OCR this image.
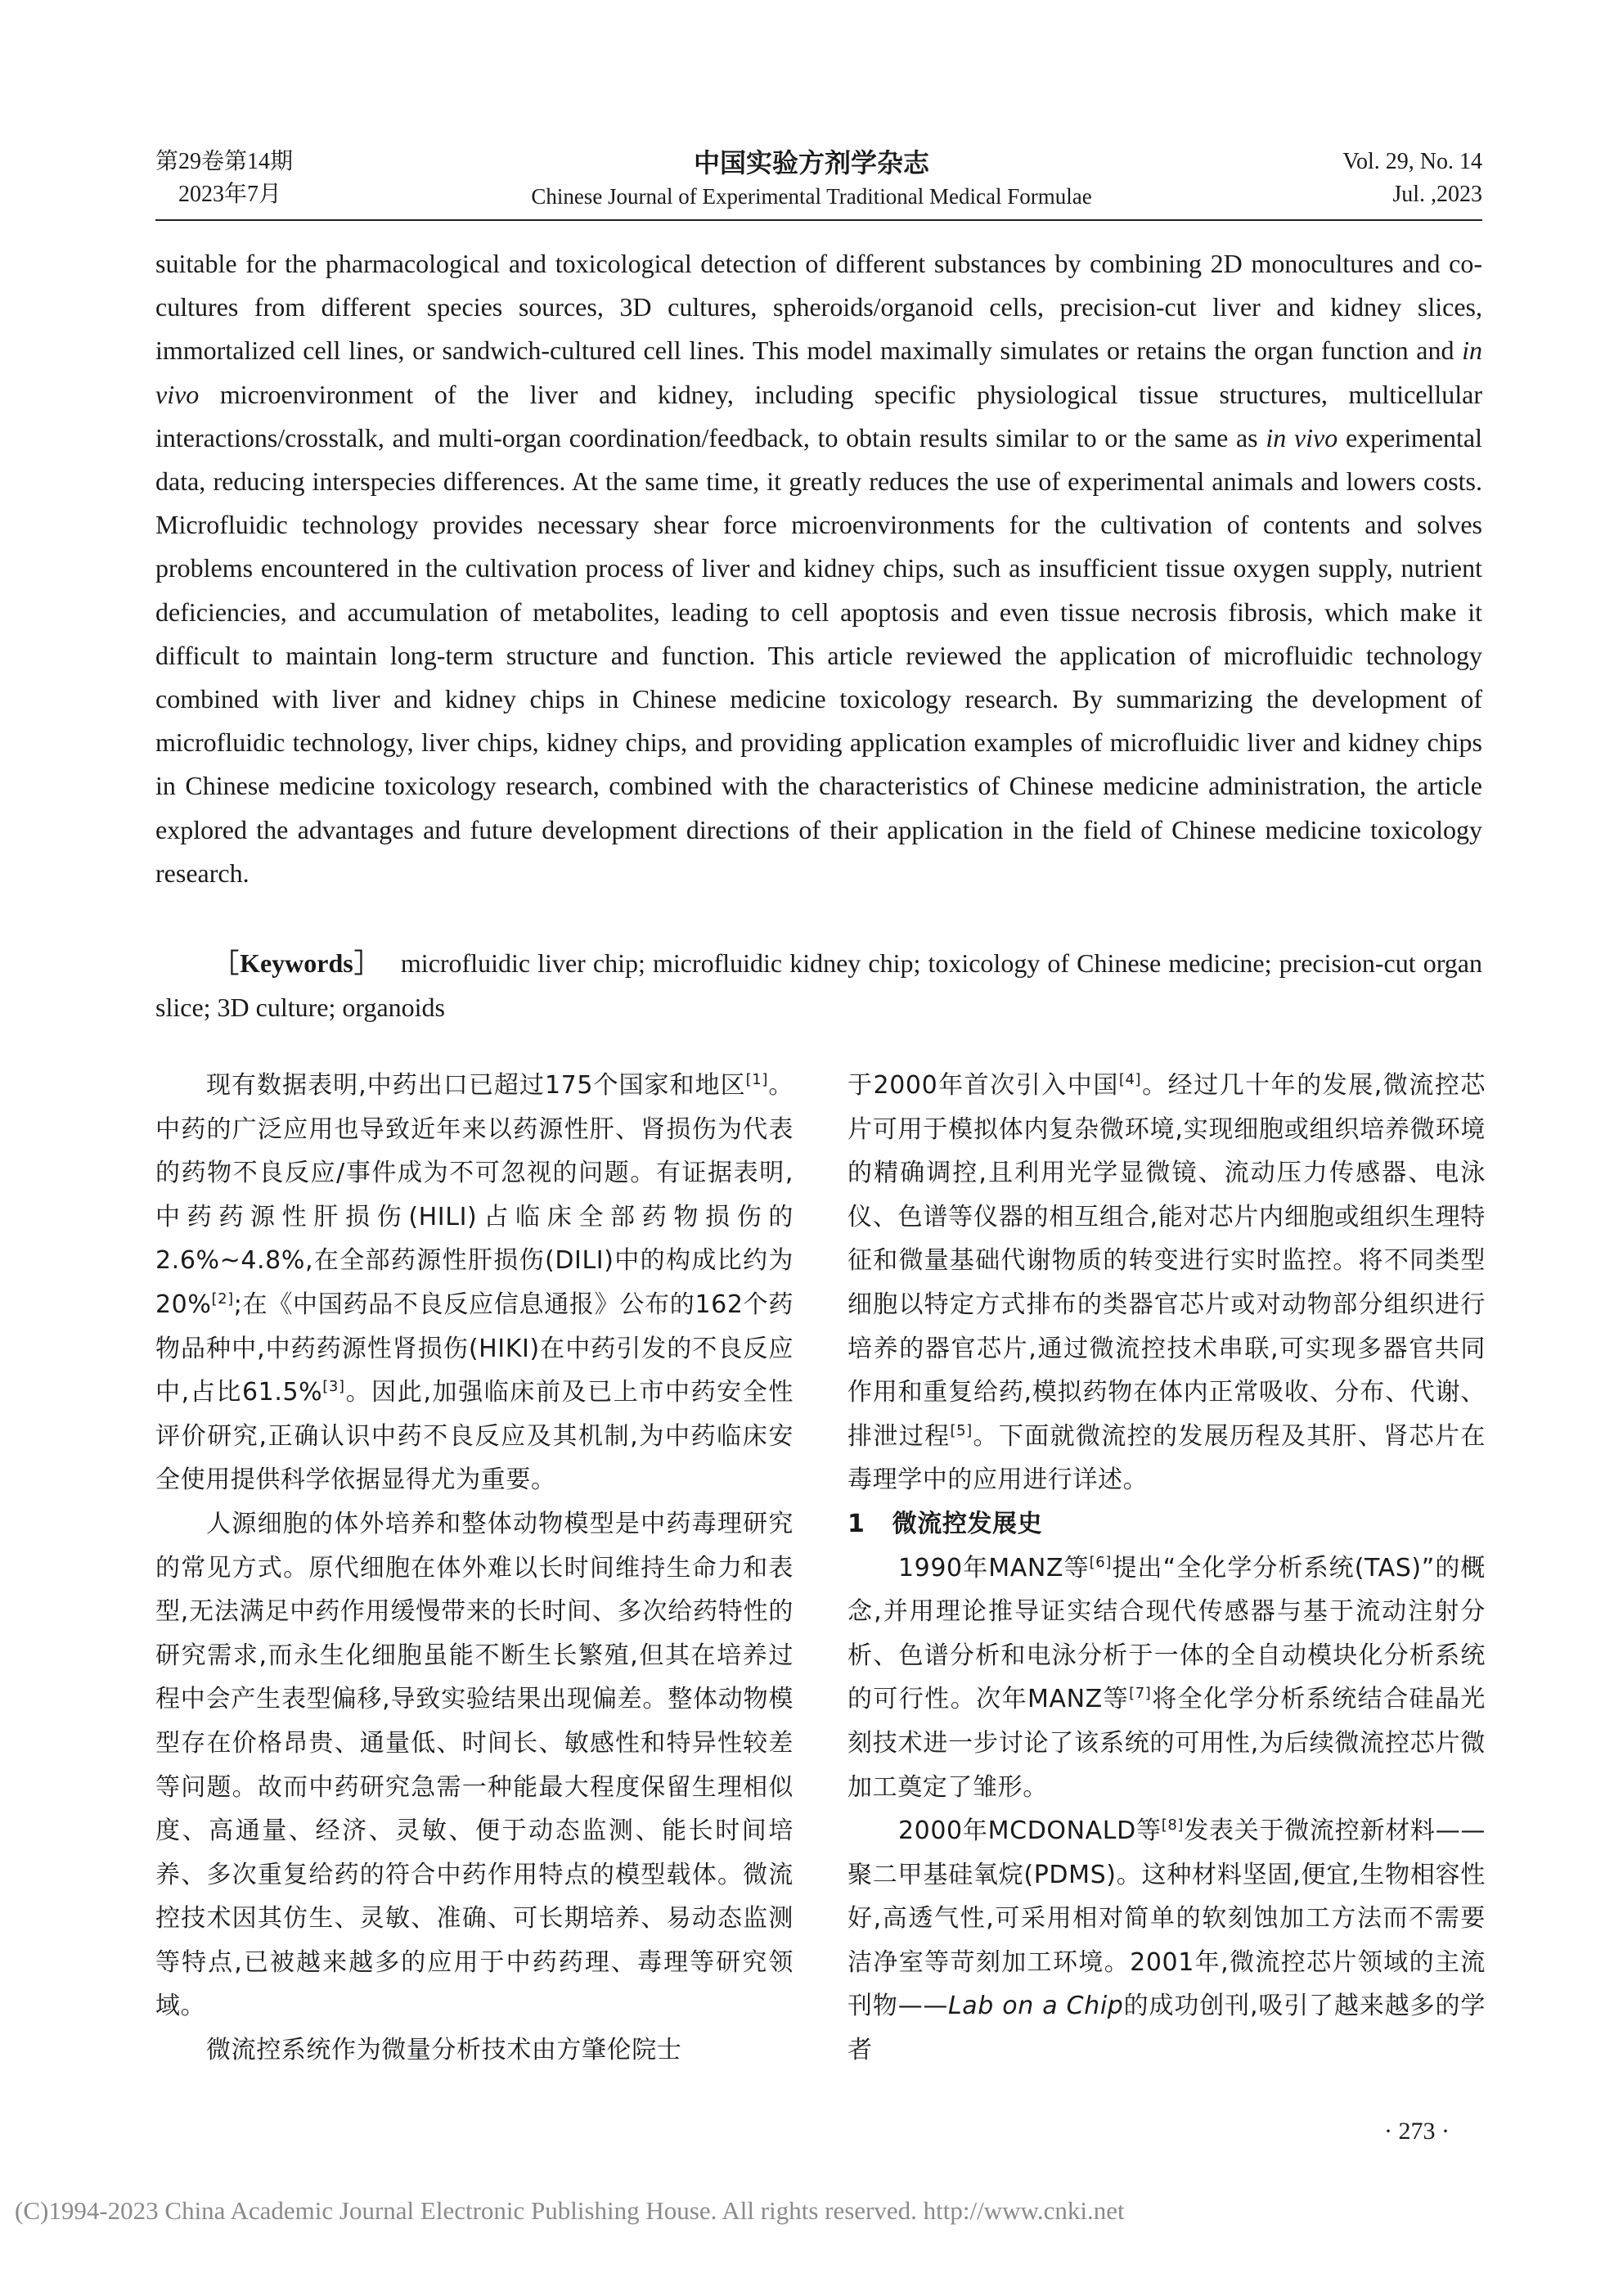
第29卷第14期
2023年7月
中国实验方剂学杂志
Chinese Journal of Experimental Traditional Medical Formulae
Vol. 29, No. 14
Jul. ,2023
suitable for the pharmacological and toxicological detection of different substances by combining 2D monocultures and co-cultures from different species sources, 3D cultures, spheroids/organoid cells, precision-cut liver and kidney slices, immortalized cell lines, or sandwich-cultured cell lines. This model maximally simulates or retains the organ function and in vivo microenvironment of the liver and kidney, including specific physiological tissue structures, multicellular interactions/crosstalk, and multi-organ coordination/feedback, to obtain results similar to or the same as in vivo experimental data, reducing interspecies differences. At the same time, it greatly reduces the use of experimental animals and lowers costs. Microfluidic technology provides necessary shear force microenvironments for the cultivation of contents and solves problems encountered in the cultivation process of liver and kidney chips, such as insufficient tissue oxygen supply, nutrient deficiencies, and accumulation of metabolites, leading to cell apoptosis and even tissue necrosis fibrosis, which make it difficult to maintain long-term structure and function. This article reviewed the application of microfluidic technology combined with liver and kidney chips in Chinese medicine toxicology research. By summarizing the development of microfluidic technology, liver chips, kidney chips, and providing application examples of microfluidic liver and kidney chips in Chinese medicine toxicology research, combined with the characteristics of Chinese medicine administration, the article explored the advantages and future development directions of their application in the field of Chinese medicine toxicology research.
［Keywords］ microfluidic liver chip; microfluidic kidney chip; toxicology of Chinese medicine; precision-cut organ slice; 3D culture; organoids

现有数据表明,中药出口已超过175个国家和地区[1]。中药的广泛应用也导致近年来以药源性肝、肾损伤为代表的药物不良反应/事件成为不可忽视的问题。有证据表明,中药药源性肝损伤(HILI)占临床全部药物损伤的2.6%~4.8%,在全部药源性肝损伤(DILI)中的构成比约为20%[2];在《中国药品不良反应信息通报》公布的162个药物品种中,中药药源性肾损伤(HIKI)在中药引发的不良反应中,占比61.5%[3]。因此,加强临床前及已上市中药安全性评价研究,正确认识中药不良反应及其机制,为中药临床安全使用提供科学依据显得尤为重要。

人源细胞的体外培养和整体动物模型是中药毒理研究的常见方式。原代细胞在体外难以长时间维持生命力和表型,无法满足中药作用缓慢带来的长时间、多次给药特性的研究需求,而永生化细胞虽能不断生长繁殖,但其在培养过程中会产生表型偏移,导致实验结果出现偏差。整体动物模型存在价格昂贵、通量低、时间长、敏感性和特异性较差等问题。故而中药研究急需一种能最大程度保留生理相似度、高通量、经济、灵敏、便于动态监测、能长时间培养、多次重复给药的符合中药作用特点的模型载体。微流控技术因其仿生、灵敏、准确、可长期培养、易动态监测等特点,已被越来越多的应用于中药药理、毒理等研究领域。

微流控系统作为微量分析技术由方肇伦院士

于2000年首次引入中国[4]。经过几十年的发展,微流控芯片可用于模拟体内复杂微环境,实现细胞或组织培养微环境的精确调控,且利用光学显微镜、流动压力传感器、电泳仪、色谱等仪器的相互组合,能对芯片内细胞或组织生理特征和微量基础代谢物质的转变进行实时监控。将不同类型细胞以特定方式排布的类器官芯片或对动物部分组织进行培养的器官芯片,通过微流控技术串联,可实现多器官共同作用和重复给药,模拟药物在体内正常吸收、分布、代谢、排泄过程[5]。下面就微流控的发展历程及其肝、肾芯片在毒理学中的应用进行详述。

1 微流控发展史

1990年MANZ等[6]提出“全化学分析系统(TAS)”的概念,并用理论推导证实结合现代传感器与基于流动注射分析、色谱分析和电泳分析于一体的全自动模块化分析系统的可行性。次年MANZ等[7]将全化学分析系统结合硅晶光刻技术进一步讨论了该系统的可用性,为后续微流控芯片微加工奠定了雏形。

2000年MCDONALD等[8]发表关于微流控新材料——聚二甲基硅氧烷(PDMS)。这种材料坚固,便宜,生物相容性好,高透气性,可采用相对简单的软刻蚀加工方法而不需要洁净室等苛刻加工环境。2001年,微流控芯片领域的主流刊物——Lab on a Chip的成功创刊,吸引了越来越多的学者

· 273 ·
(C)1994-2023 China Academic Journal Electronic Publishing House. All rights reserved. http://www.cnki.net
